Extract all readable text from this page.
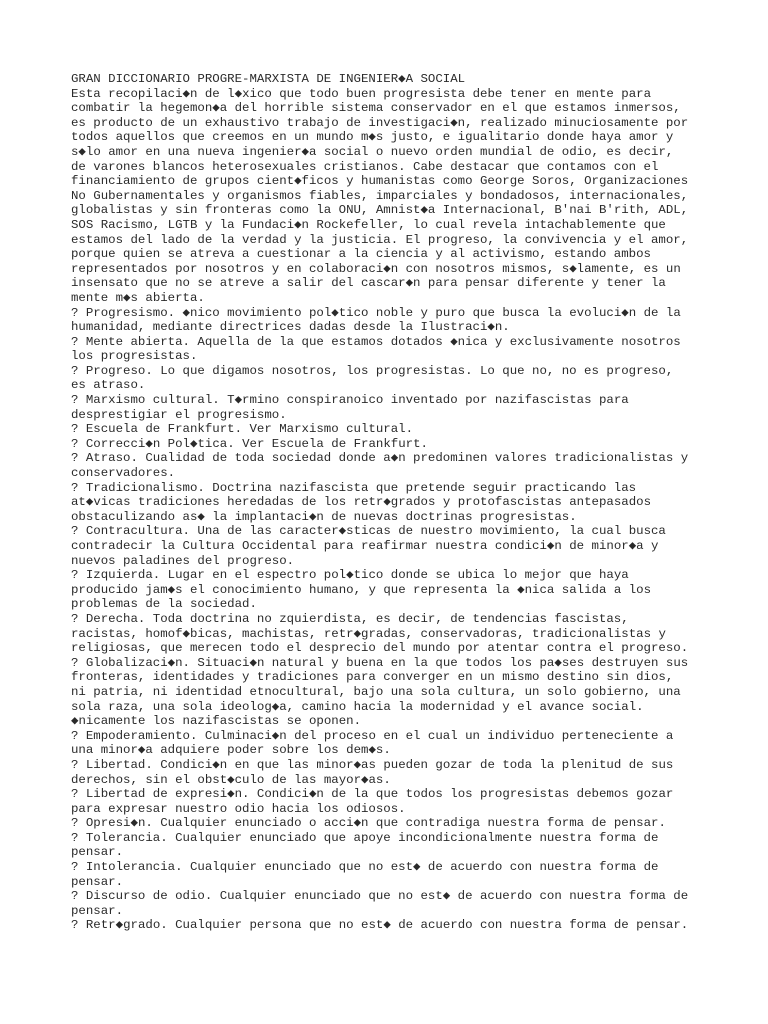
GRAN DICCIONARIO PROGRE-MARXISTA DE INGENIER◆A SOCIAL
Esta recopilaci◆n de l◆xico que todo buen progresista debe tener en mente para
combatir la hegemon◆a del horrible sistema conservador en el que estamos inmersos,
es producto de un exhaustivo trabajo de investigaci◆n, realizado minuciosamente por
todos aquellos que creemos en un mundo m◆s justo, e igualitario donde haya amor y
s◆lo amor en una nueva ingenier◆a social o nuevo orden mundial de odio, es decir,
de varones blancos heterosexuales cristianos. Cabe destacar que contamos con el
financiamiento de grupos cient◆ficos y humanistas como George Soros, Organizaciones
No Gubernamentales y organismos fiables, imparciales y bondadosos, internacionales,
globalistas y sin fronteras como la ONU, Amnist◆a Internacional, B'nai B'rith, ADL,
SOS Racismo, LGTB y la Fundaci◆n Rockefeller, lo cual revela intachablemente que
estamos del lado de la verdad y la justicia. El progreso, la convivencia y el amor,
porque quien se atreva a cuestionar a la ciencia y al activismo, estando ambos
representados por nosotros y en colaboraci◆n con nosotros mismos, s◆lamente, es un
insensato que no se atreve a salir del cascar◆n para pensar diferente y tener la
mente m◆s abierta.
? Progresismo. ◆nico movimiento pol◆tico noble y puro que busca la evoluci◆n de la
humanidad, mediante directrices dadas desde la Ilustraci◆n.
? Mente abierta. Aquella de la que estamos dotados ◆nica y exclusivamente nosotros
los progresistas.
? Progreso. Lo que digamos nosotros, los progresistas. Lo que no, no es progreso,
es atraso.
? Marxismo cultural. T◆rmino conspiranoico inventado por nazifascistas para
desprestigiar el progresismo.
? Escuela de Frankfurt. Ver Marxismo cultural.
? Correcci◆n Pol◆tica. Ver Escuela de Frankfurt.
? Atraso. Cualidad de toda sociedad donde a◆n predominen valores tradicionalistas y
conservadores.
? Tradicionalismo. Doctrina nazifascista que pretende seguir practicando las
at◆vicas tradiciones heredadas de los retr◆grados y protofascistas antepasados
obstaculizando as◆ la implantaci◆n de nuevas doctrinas progresistas.
? Contracultura. Una de las caracter◆sticas de nuestro movimiento, la cual busca
contradecir la Cultura Occidental para reafirmar nuestra condici◆n de minor◆a y
nuevos paladines del progreso.
? Izquierda. Lugar en el espectro pol◆tico donde se ubica lo mejor que haya
producido jam◆s el conocimiento humano, y que representa la ◆nica salida a los
problemas de la sociedad.
? Derecha. Toda doctrina no zquierdista, es decir, de tendencias fascistas,
racistas, homof◆bicas, machistas, retr◆gradas, conservadoras, tradicionalistas y
religiosas, que merecen todo el desprecio del mundo por atentar contra el progreso.
? Globalizaci◆n. Situaci◆n natural y buena en la que todos los pa◆ses destruyen sus
fronteras, identidades y tradiciones para converger en un mismo destino sin dios,
ni patria, ni identidad etnocultural, bajo una sola cultura, un solo gobierno, una
sola raza, una sola ideolog◆a, camino hacia la modernidad y el avance social.
◆nicamente los nazifascistas se oponen.
? Empoderamiento. Culminaci◆n del proceso en el cual un individuo perteneciente a
una minor◆a adquiere poder sobre los dem◆s.
? Libertad. Condici◆n en que las minor◆as pueden gozar de toda la plenitud de sus
derechos, sin el obst◆culo de las mayor◆as.
? Libertad de expresi◆n. Condici◆n de la que todos los progresistas debemos gozar
para expresar nuestro odio hacia los odiosos.
? Opresi◆n. Cualquier enunciado o acci◆n que contradiga nuestra forma de pensar.
? Tolerancia. Cualquier enunciado que apoye incondicionalmente nuestra forma de
pensar.
? Intolerancia. Cualquier enunciado que no est◆ de acuerdo con nuestra forma de
pensar.
? Discurso de odio. Cualquier enunciado que no est◆ de acuerdo con nuestra forma de
pensar.
? Retr◆grado. Cualquier persona que no est◆ de acuerdo con nuestra forma de pensar.
